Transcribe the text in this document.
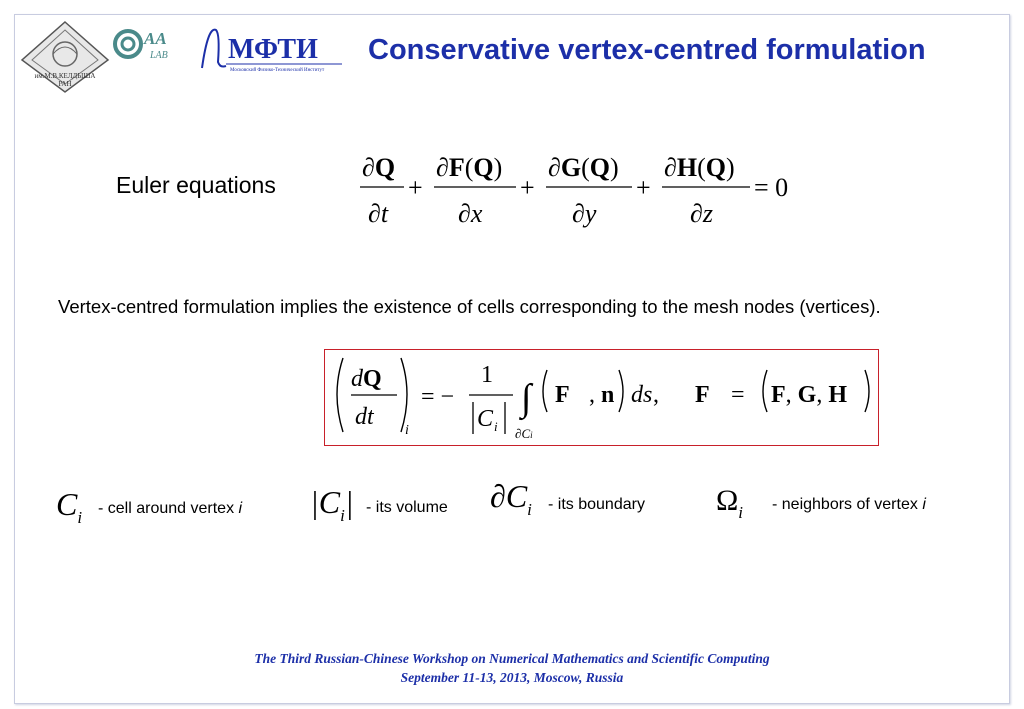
им.М.В.КЕЛДЫША
РАН
AA
LAB МФТИ
Московский Физико-Технический Институт
Conservative vertex-centred formulation
Euler equations
∂Q
∂t
+
∂F(Q)
∂x
+
∂G(Q)
∂y
+
∂H(Q)
∂z
= 0
Vertex-centred formulation implies the existence of cells corresponding to the mesh nodes (vertices).
dQ
dt
i
= −
1
C i
∫
∂Ci
F , n ds , F = F, G, H
$C_i$ - cell around vertex i $|C_i|$ - its volume $\partial C_i$ - its boundary $\Omega_i$ - neighbors of vertex i
The Third Russian-Chinese Workshop on Numerical Mathematics and Scientific Computing
September 11-13, 2013, Moscow, Russia
